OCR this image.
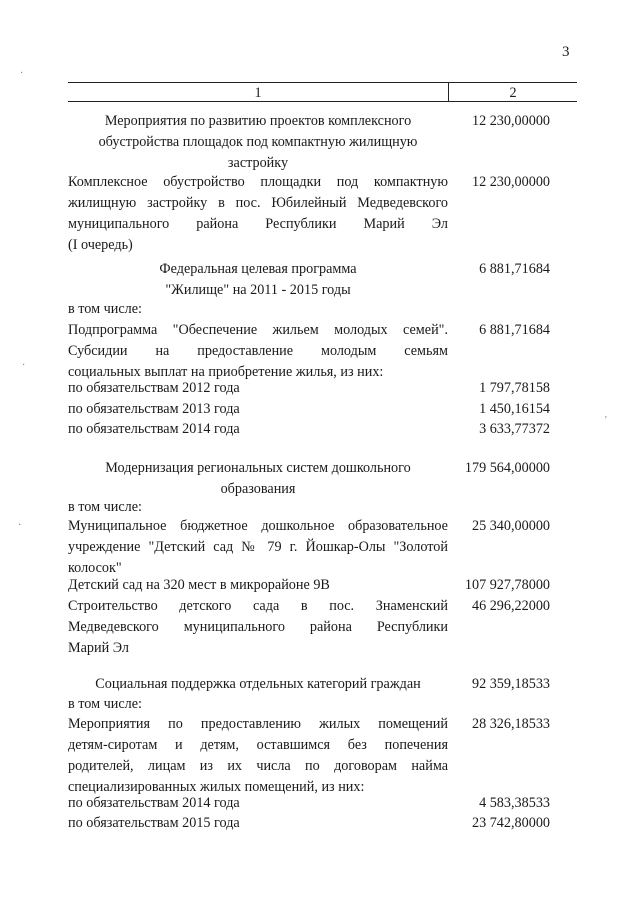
3
1	2
Мероприятия по развитию проектов комплексного
обустройства площадок под компактную жилищную
застройку
12 230,00000
Комплексное обустройство площадки под компактную
жилищную застройку в пос. Юбилейный Медведевского
муниципального района Республики Марий Эл
(I очередь)
12 230,00000
Федеральная целевая программа
"Жилище" на 2011 - 2015 годы
6 881,71684
в том числе:
Подпрограмма "Обеспечение жильем молодых семей".
Субсидии на предоставление молодым семьям
социальных выплат на приобретение жилья, из них:
6 881,71684
по обязательствам 2012 года	1 797,78158
по обязательствам 2013 года	1 450,16154
по обязательствам 2014 года	3 633,77372
Модернизация региональных систем дошкольного
образования
179 564,00000
в том числе:
Муниципальное бюджетное дошкольное образовательное
учреждение "Детский сад № 79 г. Йошкар-Олы "Золотой
колосок"
25 340,00000
Детский сад на 320 мест в микрорайоне 9В	107 927,78000
Строительство детского сада в пос. Знаменский
Медведевского муниципального района Республики
Марий Эл
46 296,22000
Социальная поддержка отдельных категорий граждан	92 359,18533
в том числе:
Мероприятия по предоставлению жилых помещений
детям-сиротам и детям, оставшимся без попечения
родителей, лицам из их числа по договорам найма
специализированных жилых помещений, из них:
28 326,18533
по обязательствам 2014 года	4 583,38533
по обязательствам 2015 года	23 742,80000
·
·
·
'
